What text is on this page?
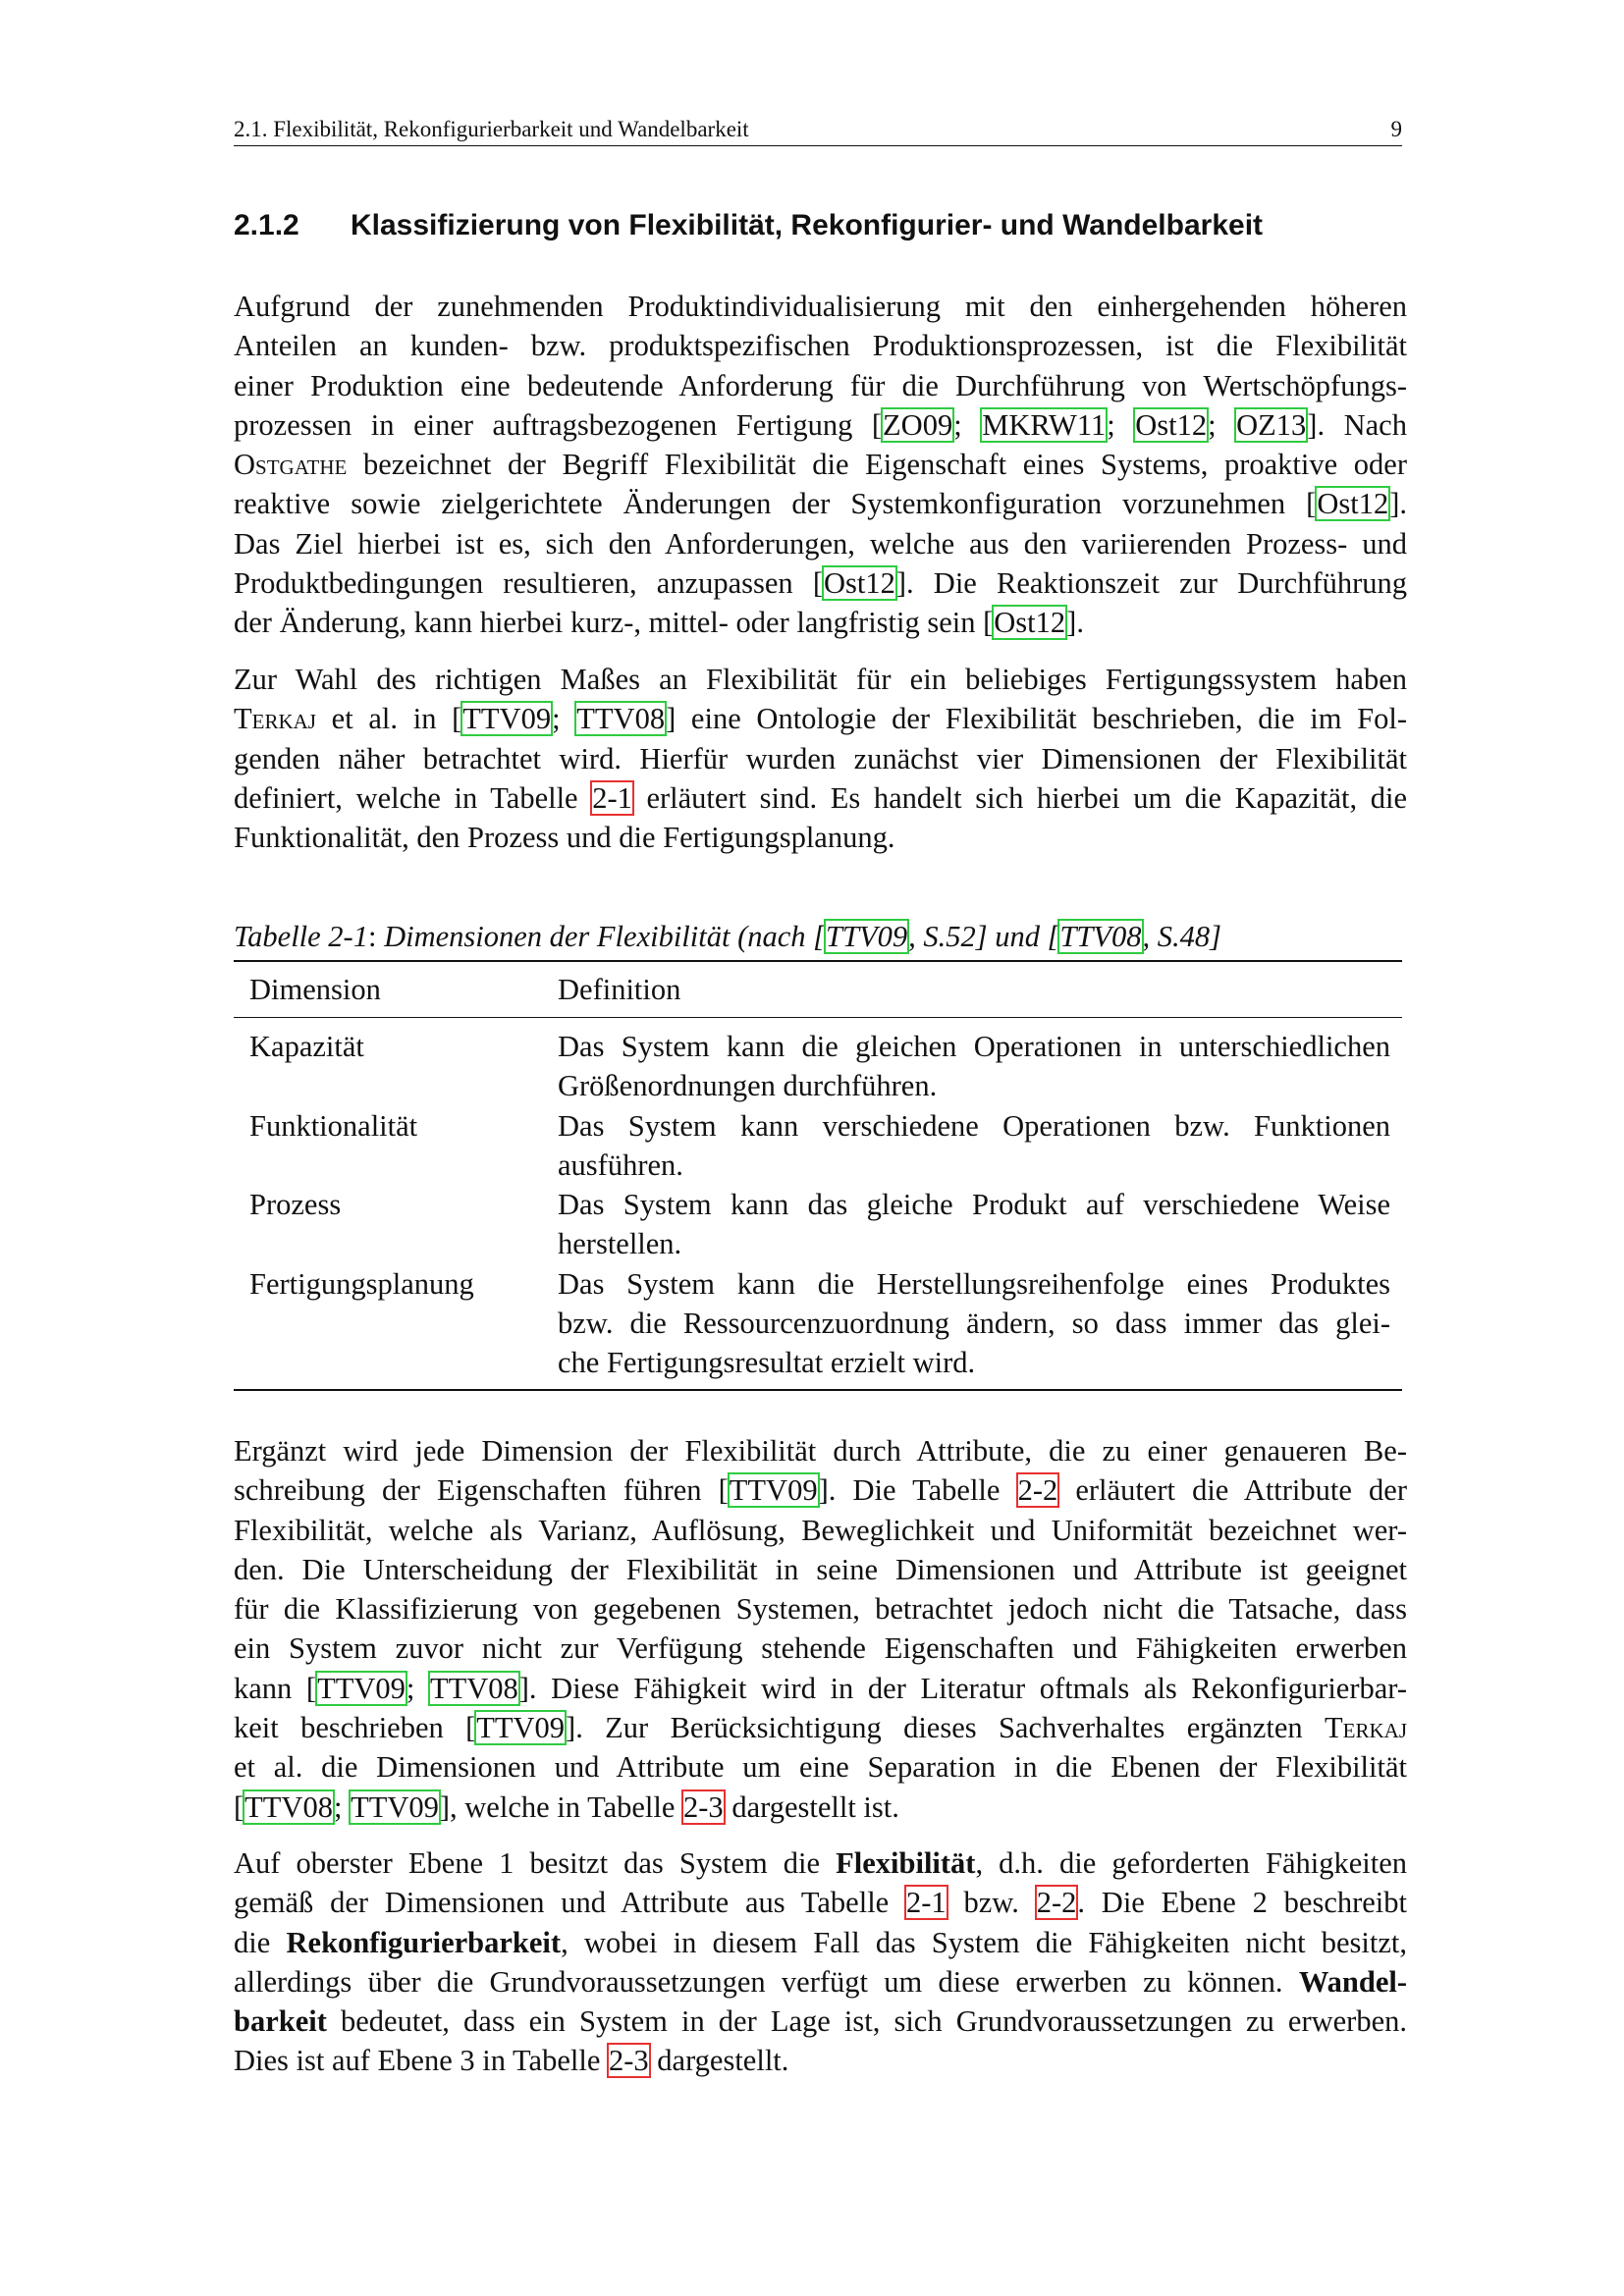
2.1. Flexibilität, Rekonfigurierbarkeit und Wandelbarkeit	9
2.1.2 Klassifizierung von Flexibilität, Rekonfigurier- und Wandelbarkeit
Aufgrund der zunehmenden Produktindividualisierung mit den einhergehenden höheren
Anteilen an kunden- bzw. produktspezifischen Produktionsprozessen, ist die Flexibilität
einer Produktion eine bedeutende Anforderung für die Durchführung von Wertschöpfungs-
prozessen in einer auftragsbezogenen Fertigung [ZO09; MKRW11; Ost12; OZ13]. Nach
Ostgathe bezeichnet der Begriff Flexibilität die Eigenschaft eines Systems, proaktive oder
reaktive sowie zielgerichtete Änderungen der Systemkonfiguration vorzunehmen [Ost12].
Das Ziel hierbei ist es, sich den Anforderungen, welche aus den variierenden Prozess- und
Produktbedingungen resultieren, anzupassen [Ost12]. Die Reaktionszeit zur Durchführung
der Änderung, kann hierbei kurz-, mittel- oder langfristig sein [Ost12].
Zur Wahl des richtigen Maßes an Flexibilität für ein beliebiges Fertigungssystem haben
Terkaj et al. in [TTV09; TTV08] eine Ontologie der Flexibilität beschrieben, die im Fol-
genden näher betrachtet wird. Hierfür wurden zunächst vier Dimensionen der Flexibilität
definiert, welche in Tabelle 2-1 erläutert sind. Es handelt sich hierbei um die Kapazität, die
Funktionalität, den Prozess und die Fertigungsplanung.
Tabelle 2-1: Dimensionen der Flexibilität (nach [TTV09, S.52] und [TTV08, S.48]
Dimension	Definition
Kapazität	Das System kann die gleichen Operationen in unterschiedlichen
Größenordnungen durchführen.
Funktionalität	Das System kann verschiedene Operationen bzw. Funktionen
ausführen.
Prozess	Das System kann das gleiche Produkt auf verschiedene Weise
herstellen.
Fertigungsplanung	Das System kann die Herstellungsreihenfolge eines Produktes
bzw. die Ressourcenzuordnung ändern, so dass immer das glei-
che Fertigungsresultat erzielt wird.
Ergänzt wird jede Dimension der Flexibilität durch Attribute, die zu einer genaueren Be-
schreibung der Eigenschaften führen [TTV09]. Die Tabelle 2-2 erläutert die Attribute der
Flexibilität, welche als Varianz, Auflösung, Beweglichkeit und Uniformität bezeichnet wer-
den. Die Unterscheidung der Flexibilität in seine Dimensionen und Attribute ist geeignet
für die Klassifizierung von gegebenen Systemen, betrachtet jedoch nicht die Tatsache, dass
ein System zuvor nicht zur Verfügung stehende Eigenschaften und Fähigkeiten erwerben
kann [TTV09; TTV08]. Diese Fähigkeit wird in der Literatur oftmals als Rekonfigurierbar-
keit beschrieben [TTV09]. Zur Berücksichtigung dieses Sachverhaltes ergänzten Terkaj
et al. die Dimensionen und Attribute um eine Separation in die Ebenen der Flexibilität
[TTV08; TTV09], welche in Tabelle 2-3 dargestellt ist.
Auf oberster Ebene 1 besitzt das System die Flexibilität, d.h. die geforderten Fähigkeiten
gemäß der Dimensionen und Attribute aus Tabelle 2-1 bzw. 2-2. Die Ebene 2 beschreibt
die Rekonfigurierbarkeit, wobei in diesem Fall das System die Fähigkeiten nicht besitzt,
allerdings über die Grundvoraussetzungen verfügt um diese erwerben zu können. Wandel-
barkeit bedeutet, dass ein System in der Lage ist, sich Grundvoraussetzungen zu erwerben.
Dies ist auf Ebene 3 in Tabelle 2-3 dargestellt.
